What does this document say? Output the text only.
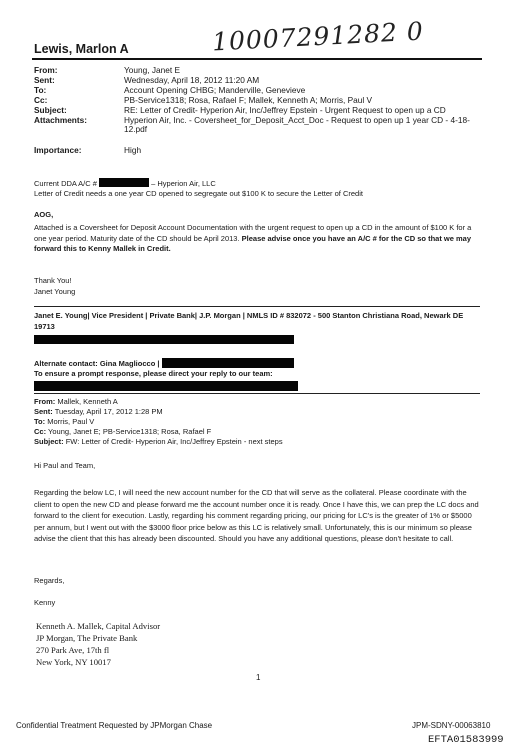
10007291282 0
Lewis, Marlon A
From:	Young, Janet E
Sent:	Wednesday, April 18, 2012 11:20 AM
To:	Account Opening CHBG; Manderville, Genevieve
Cc:	PB-Service1318; Rosa, Rafael F; Mallek, Kenneth A; Morris, Paul V
Subject:	RE: Letter of Credit- Hyperion Air, Inc/Jeffrey Epstein - Urgent Request to open up a CD
Attachments:	Hyperion Air, Inc. - Coversheet_for_Deposit_Acct_Doc - Request to open up 1 year CD - 4-18-12.pdf
Importance:	High
Current DDA A/C #	– Hyperion Air, LLC
Letter of Credit needs a one year CD opened to segregate out $100 K to secure the Letter of Credit
AOG,
Attached is a Coversheet for Deposit Account Documentation with the urgent request to open up a CD in the amount of $100 K for a one year period. Maturity date of the CD should be April 2013. Please advise once you have an A/C # for the CD so that we may forward this to Kenny Mallek in Credit.
Thank You!
Janet Young
Janet E. Young| Vice President | Private Bank| J.P. Morgan | NMLS ID # 832072 - 500 Stanton Christiana Road, Newark DE 19713
Alternate contact: Gina Magliocco |
To ensure a prompt response, please direct your reply to our team:
From: Mallek, Kenneth A
Sent: Tuesday, April 17, 2012 1:28 PM
To: Morris, Paul V
Cc: Young, Janet E; PB-Service1318; Rosa, Rafael F
Subject: FW: Letter of Credit- Hyperion Air, Inc/Jeffrey Epstein - next steps
Hi Paul and Team,
Regarding the below LC, I will need the new account number for the CD that will serve as the collateral. Please coordinate with the client to open the new CD and please forward me the account number once it is ready. Once I have this, we can prep the LC docs and forward to the client for execution. Lastly, regarding his comment regarding pricing, our pricing for LC's is the greater of 1% or $5000 per annum, but I went out with the $3000 floor price below as this LC is relatively small. Unfortunately, this is our minimum so please advise the client that this has already been discounted. Should you have any additional questions, please don't hesitate to call.
Regards,
Kenny
Kenneth A. Mallek, Capital Advisor
JP Morgan, The Private Bank
270 Park Ave, 17th fl
New York, NY 10017
1
Confidential Treatment Requested by JPMorgan Chase	JPM-SDNY-00063810
EFTA01583999
